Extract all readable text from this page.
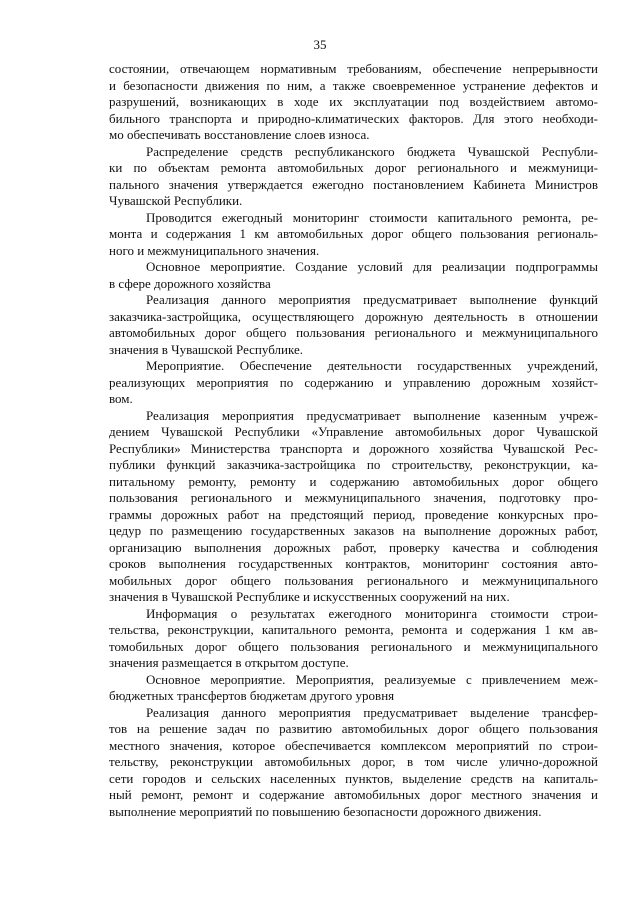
35
состоянии, отвечающем нормативным требованиям, обеспечение непрерывности
и безопасности движения по ним, а также своевременное устранение дефектов и
разрушений, возникающих в ходе их эксплуатации под воздействием автомо-
бильного транспорта и природно-климатических факторов. Для этого необходи-
мо обеспечивать восстановление слоев износа.
Распределение средств республиканского бюджета Чувашской Республи-
ки по объектам ремонта автомобильных дорог регионального и межмуници-
пального значения утверждается ежегодно постановлением Кабинета Министров
Чувашской Республики.
Проводится ежегодный мониторинг стоимости капитального ремонта, ре-
монта и содержания 1 км автомобильных дорог общего пользования региональ-
ного и межмуниципального значения.
Основное мероприятие. Создание условий для реализации подпрограммы
в сфере дорожного хозяйства
Реализация данного мероприятия предусматривает выполнение функций
заказчика-застройщика, осуществляющего дорожную деятельность в отношении
автомобильных дорог общего пользования регионального и межмуниципального
значения в Чувашской Республике.
Мероприятие. Обеспечение деятельности государственных учреждений,
реализующих мероприятия по содержанию и управлению дорожным хозяйст-
вом.
Реализация мероприятия предусматривает выполнение казенным учреж-
дением Чувашской Республики «Управление автомобильных дорог Чувашской
Республики» Министерства транспорта и дорожного хозяйства Чувашской Рес-
публики функций заказчика-застройщика по строительству, реконструкции, ка-
питальному ремонту, ремонту и содержанию автомобильных дорог общего
пользования регионального и межмуниципального значения, подготовку про-
граммы дорожных работ на предстоящий период, проведение конкурсных про-
цедур по размещению государственных заказов на выполнение дорожных работ,
организацию выполнения дорожных работ, проверку качества и соблюдения
сроков выполнения государственных контрактов, мониторинг состояния авто-
мобильных дорог общего пользования регионального и межмуниципального
значения в Чувашской Республике и искусственных сооружений на них.
Информация о результатах ежегодного мониторинга стоимости строи-
тельства, реконструкции, капитального ремонта, ремонта и содержания 1 км ав-
томобильных дорог общего пользования регионального и межмуниципального
значения размещается в открытом доступе.
Основное мероприятие. Мероприятия, реализуемые с привлечением меж-
бюджетных трансфертов бюджетам другого уровня
Реализация данного мероприятия предусматривает выделение трансфер-
тов на решение задач по развитию автомобильных дорог общего пользования
местного значения, которое обеспечивается комплексом мероприятий по строи-
тельству, реконструкции автомобильных дорог, в том числе улично-дорожной
сети городов и сельских населенных пунктов, выделение средств на капиталь-
ный ремонт, ремонт и содержание автомобильных дорог местного значения и
выполнение мероприятий по повышению безопасности дорожного движения.
